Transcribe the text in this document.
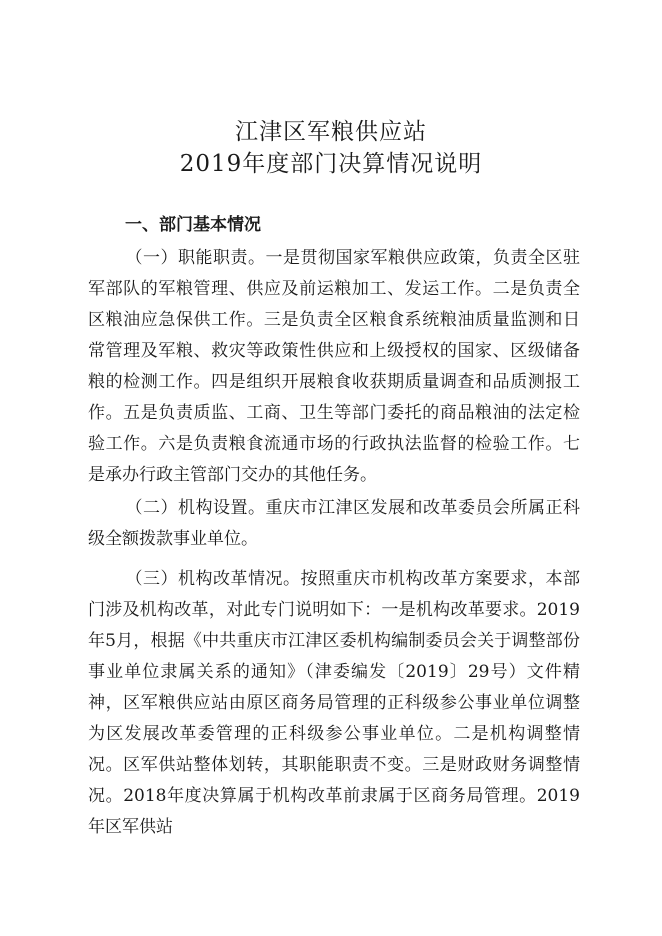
江津区军粮供应站
2019年度部门决算情况说明
一、部门基本情况

（一）职能职责。一是贯彻国家军粮供应政策，负责全区驻军部队的军粮管理、供应及前运粮加工、发运工作。二是负责全区粮油应急保供工作。三是负责全区粮食系统粮油质量监测和日常管理及军粮、救灾等政策性供应和上级授权的国家、区级储备粮的检测工作。四是组织开展粮食收获期质量调查和品质测报工作。五是负责质监、工商、卫生等部门委托的商品粮油的法定检验工作。六是负责粮食流通市场的行政执法监督的检验工作。七是承办行政主管部门交办的其他任务。

（二）机构设置。重庆市江津区发展和改革委员会所属正科级全额拨款事业单位。

（三）机构改革情况。按照重庆市机构改革方案要求，本部门涉及机构改革，对此专门说明如下：一是机构改革要求。2019年5月，根据《中共重庆市江津区委机构编制委员会关于调整部份事业单位隶属关系的通知》（津委编发〔2019〕29号）文件精神，区军粮供应站由原区商务局管理的正科级参公事业单位调整为区发展改革委管理的正科级参公事业单位。二是机构调整情况。区军供站整体划转，其职能职责不变。三是财政财务调整情况。2018年度决算属于机构改革前隶属于区商务局管理。2019年区军供站
